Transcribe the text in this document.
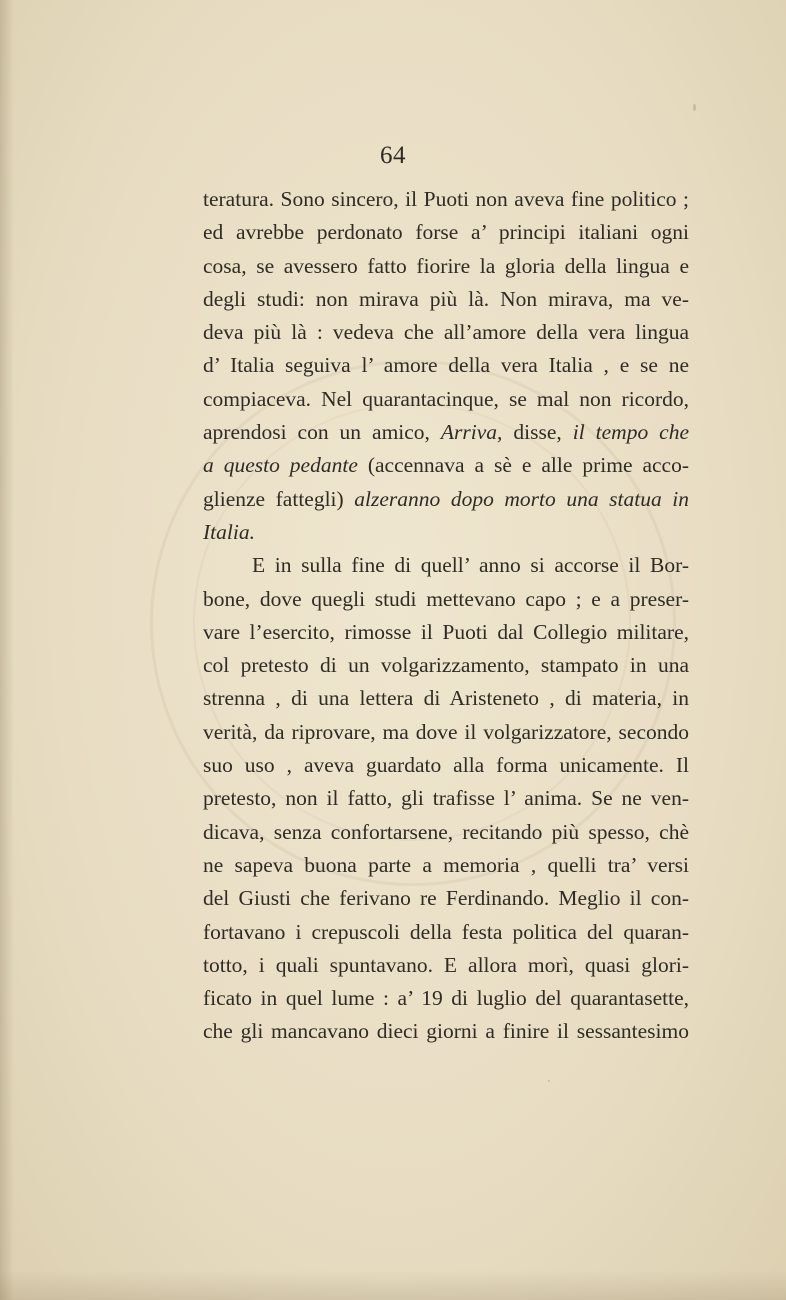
64
teratura. Sono sincero, il Puoti non aveva fine politico ;
ed avrebbe perdonato forse a’ principi italiani ogni
cosa, se avessero fatto fiorire la gloria della lingua e
degli studi: non mirava più là. Non mirava, ma ve-
deva più là : vedeva che all’amore della vera lingua
d’ Italia seguiva l’ amore della vera Italia , e se ne
compiaceva. Nel quarantacinque, se mal non ricordo,
aprendosi con un amico, Arriva, disse, il tempo che
a questo pedante (accennava a sè e alle prime acco-
glienze fattegli) alzeranno dopo morto una statua in
Italia.
E in sulla fine di quell’ anno si accorse il Bor-
bone, dove quegli studi mettevano capo ; e a preser-
vare l’esercito, rimosse il Puoti dal Collegio militare,
col pretesto di un volgarizzamento, stampato in una
strenna , di una lettera di Aristeneto , di materia, in
verità, da riprovare, ma dove il volgarizzatore, secondo
suo uso , aveva guardato alla forma unicamente. Il
pretesto, non il fatto, gli trafisse l’ anima. Se ne ven-
dicava, senza confortarsene, recitando più spesso, chè
ne sapeva buona parte a memoria , quelli tra’ versi
del Giusti che ferivano re Ferdinando. Meglio il con-
fortavano i crepuscoli della festa politica del quaran-
totto, i quali spuntavano. E allora morì, quasi glori-
ficato in quel lume : a’ 19 di luglio del quarantasette,
che gli mancavano dieci giorni a finire il sessantesimo
